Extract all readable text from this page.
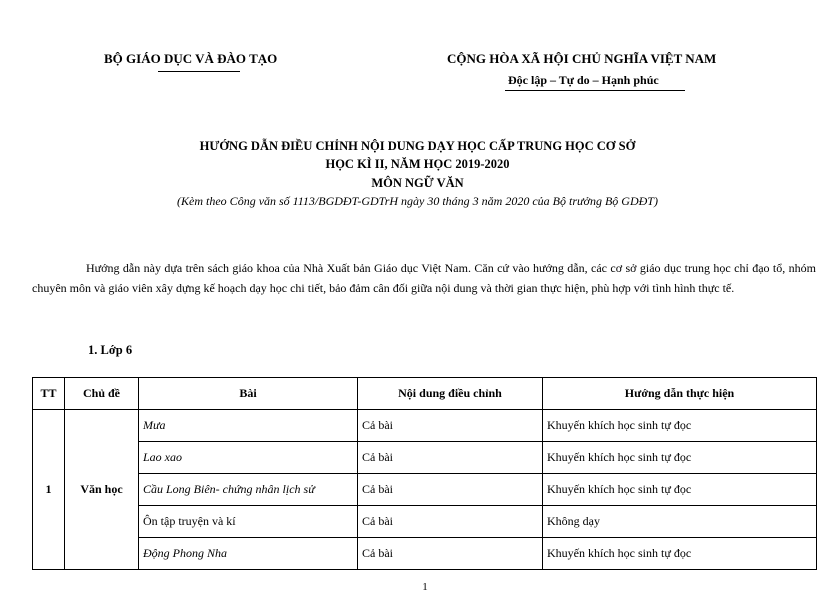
BỘ GIÁO DỤC VÀ ĐÀO TẠO	CỘNG HÒA XÃ HỘI CHỦ NGHĨA VIỆT NAM
Độc lập – Tự do – Hạnh phúc
HƯỚNG DẪN ĐIỀU CHỈNH NỘI DUNG DẠY HỌC CẤP TRUNG HỌC CƠ SỞ
HỌC KÌ II, NĂM HỌC 2019-2020
MÔN NGỮ VĂN
(Kèm theo Công văn số 1113/BGDĐT-GDTrH ngày 30 tháng 3 năm 2020 của Bộ trưởng Bộ GDĐT)
Hướng dẫn này dựa trên sách giáo khoa của Nhà Xuất bản Giáo dục Việt Nam. Căn cứ vào hướng dẫn, các cơ sở giáo dục trung học chỉ đạo tổ, nhóm chuyên môn và giáo viên xây dựng kế hoạch dạy học chi tiết, bảo đảm cân đối giữa nội dung và thời gian thực hiện, phù hợp với tình hình thực tế.
1. Lớp 6
TT	Chủ đề	Bài	Nội dung điều chỉnh	Hướng dẫn thực hiện
1	Văn học	Mưa	Cả bài	Khuyến khích học sinh tự đọc
		Lao xao	Cả bài	Khuyến khích học sinh tự đọc
		Cầu Long Biên- chứng nhân lịch sử	Cả bài	Khuyến khích học sinh tự đọc
		Ôn tập truyện và kí	Cả bài	Không dạy
		Động Phong Nha	Cả bài	Khuyến khích học sinh tự đọc
1
